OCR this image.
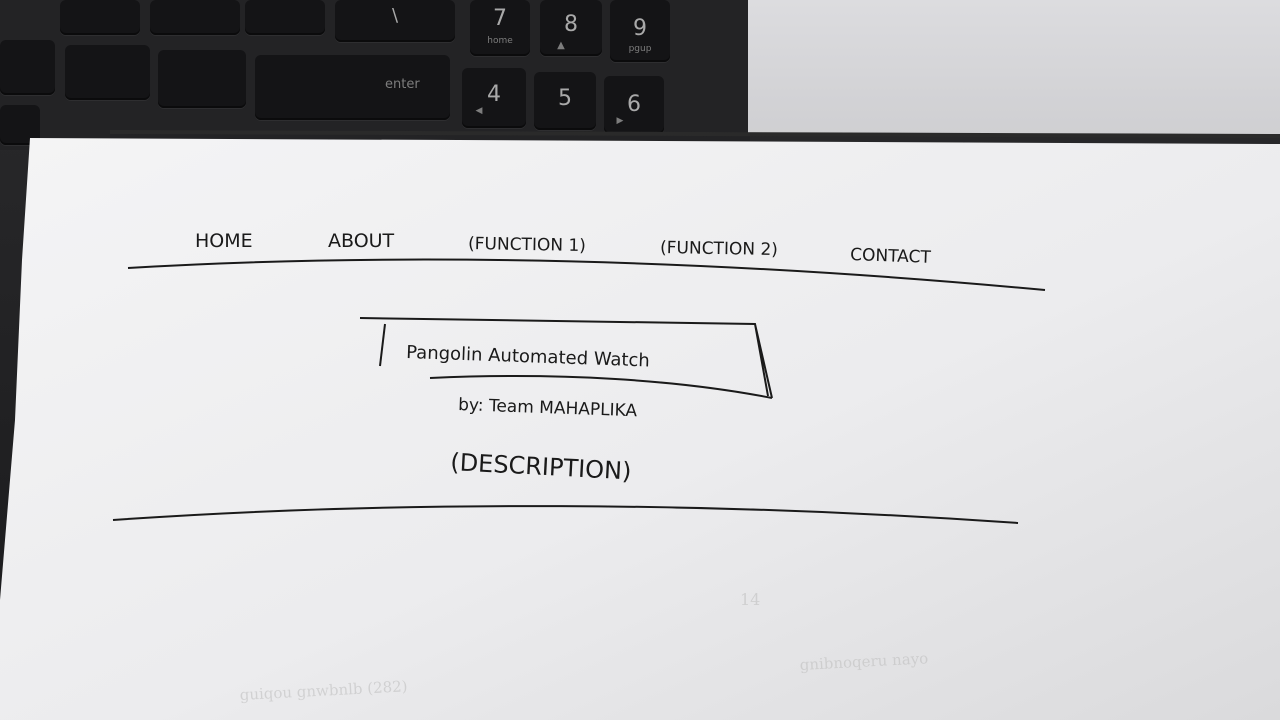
\	7
home
8
▲
9
pgup
enter	4
◀	5	6
▶
14
guiqou gnwbnlb (282)
gnibnoqeru nayo
HOME	ABOUT	(FUNCTION 1)	(FUNCTION 2)	CONTACT
Pangolin Automated Watch
by: Team MAHAPLIKA
(DESCRIPTION)
